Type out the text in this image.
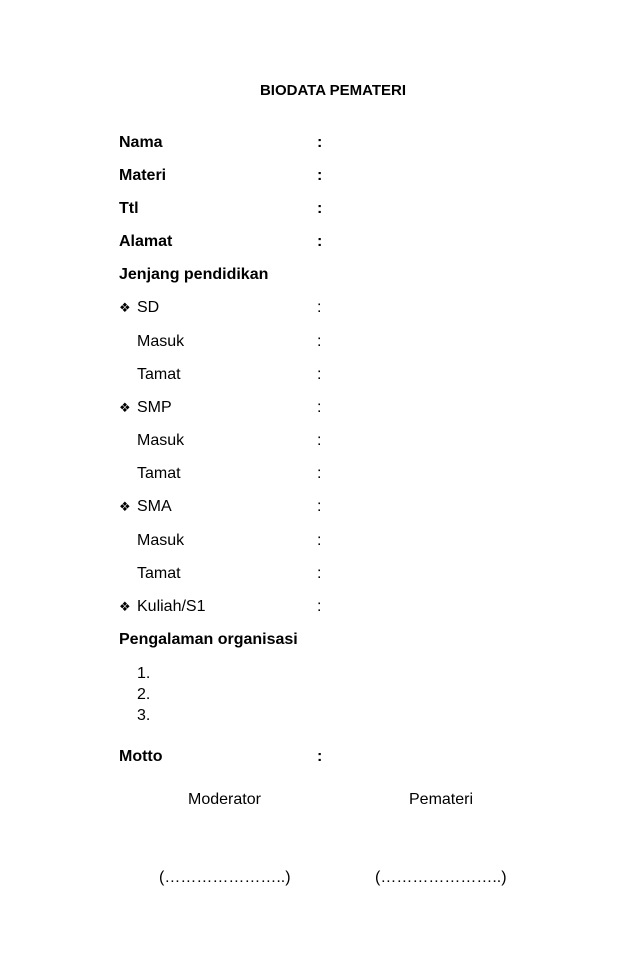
BIODATA PEMATERI
Nama	:
Materi	:
Ttl	:
Alamat	:
Jenjang pendidikan
❖ SD	:
Masuk	:
Tamat	:
❖ SMP	:
Masuk	:
Tamat	:
❖ SMA	:
Masuk	:
Tamat	:
❖ Kuliah/S1	:
Pengalaman organisasi
1.
2.
3.
Motto	:
Moderator	Pemateri
(…………………..)	(…………………..)
